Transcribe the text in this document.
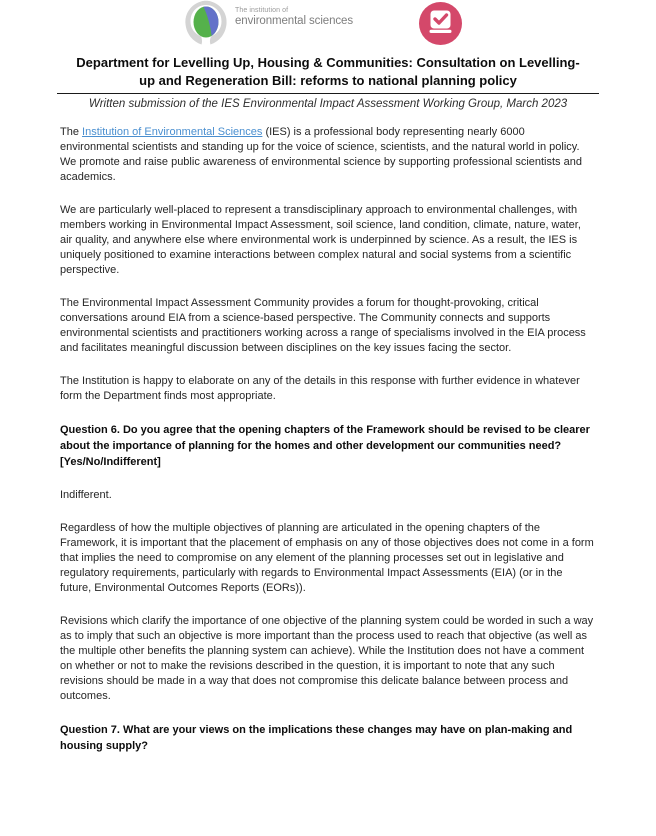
The institution of
environmental sciences
Department for Levelling Up, Housing & Communities: Consultation on Levelling-up and Regeneration Bill: reforms to national planning policy
Written submission of the IES Environmental Impact Assessment Working Group, March 2023

The Institution of Environmental Sciences (IES) is a professional body representing nearly 6000 environmental scientists and standing up for the voice of science, scientists, and the natural world in policy. We promote and raise public awareness of environmental science by supporting professional scientists and academics.

We are particularly well-placed to represent a transdisciplinary approach to environmental challenges, with members working in Environmental Impact Assessment, soil science, land condition, climate, nature, water, air quality, and anywhere else where environmental work is underpinned by science. As a result, the IES is uniquely positioned to examine interactions between complex natural and social systems from a scientific perspective.

The Environmental Impact Assessment Community provides a forum for thought-provoking, critical conversations around EIA from a science-based perspective. The Community connects and supports environmental scientists and practitioners working across a range of specialisms involved in the EIA process and facilitates meaningful discussion between disciplines on the key issues facing the sector.

The Institution is happy to elaborate on any of the details in this response with further evidence in whatever form the Department finds most appropriate.

Question 6. Do you agree that the opening chapters of the Framework should be revised to be clearer about the importance of planning for the homes and other development our communities need? [Yes/No/Indifferent]

Indifferent.

Regardless of how the multiple objectives of planning are articulated in the opening chapters of the Framework, it is important that the placement of emphasis on any of those objectives does not come in a form that implies the need to compromise on any element of the planning processes set out in legislative and regulatory requirements, particularly with regards to Environmental Impact Assessments (EIA) (or in the future, Environmental Outcomes Reports (EORs)).

Revisions which clarify the importance of one objective of the planning system could be worded in such a way as to imply that such an objective is more important than the process used to reach that objective (as well as the multiple other benefits the planning system can achieve). While the Institution does not have a comment on whether or not to make the revisions described in the question, it is important to note that any such revisions should be made in a way that does not compromise this delicate balance between process and outcomes.

Question 7. What are your views on the implications these changes may have on plan-making and housing supply?
